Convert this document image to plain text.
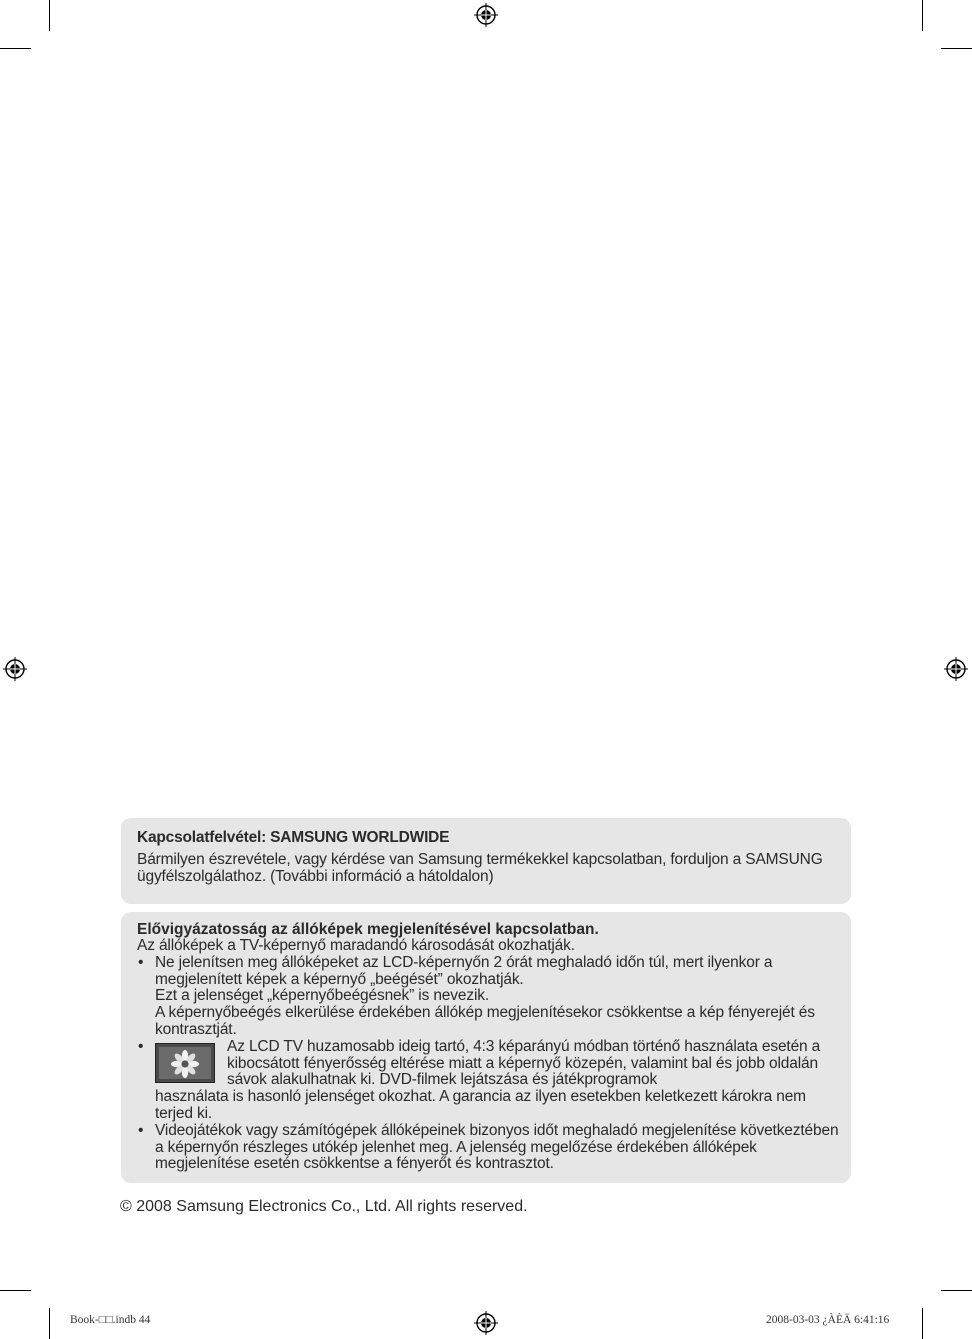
Kapcsolatfelvétel: SAMSUNG WORLDWIDE
Bármilyen észrevétele, vagy kérdése van Samsung termékekkel kapcsolatban, forduljon a SAMSUNG ügyfélszolgálathoz. (További információ a hátoldalon)
Elővigyázatosság az állóképek megjelenítésével kapcsolatban.
Az állóképek a TV-képernyő maradandó károsodását okozhatják.
• Ne jelenítsen meg állóképeket az LCD-képernyőn 2 órát meghaladó időn túl, mert ilyenkor a megjelenített képek a képernyő „beégését” okozhatják.
Ezt a jelenséget „képernyőbeégésnek” is nevezik.
A képernyőbeégés elkerülése érdekében állókép megjelenítésekor csökkentse a kép fényerejét és kontrasztját.
•	Az LCD TV huzamosabb ideig tartó, 4:3 képarányú módban történő használata esetén a kibocsátott fényerősség eltérése miatt a képernyő közepén, valamint bal és jobb oldalán sávok alakulhatnak ki. DVD-filmek lejátszása és játékprogramok
használata is hasonló jelenséget okozhat. A garancia az ilyen esetekben keletkezett károkra nem terjed ki.
• Videojátékok vagy számítógépek állóképeinek bizonyos időt meghaladó megjelenítése következtében a képernyőn részleges utókép jelenhet meg. A jelenség megelőzése érdekében állóképek megjelenítése esetén csökkentse a fényerőt és kontrasztot.
© 2008 Samsung Electronics Co., Ltd. All rights reserved.
Book-□□.indb 44	2008-03-03 ¿ÀÈÄ 6:41:16
